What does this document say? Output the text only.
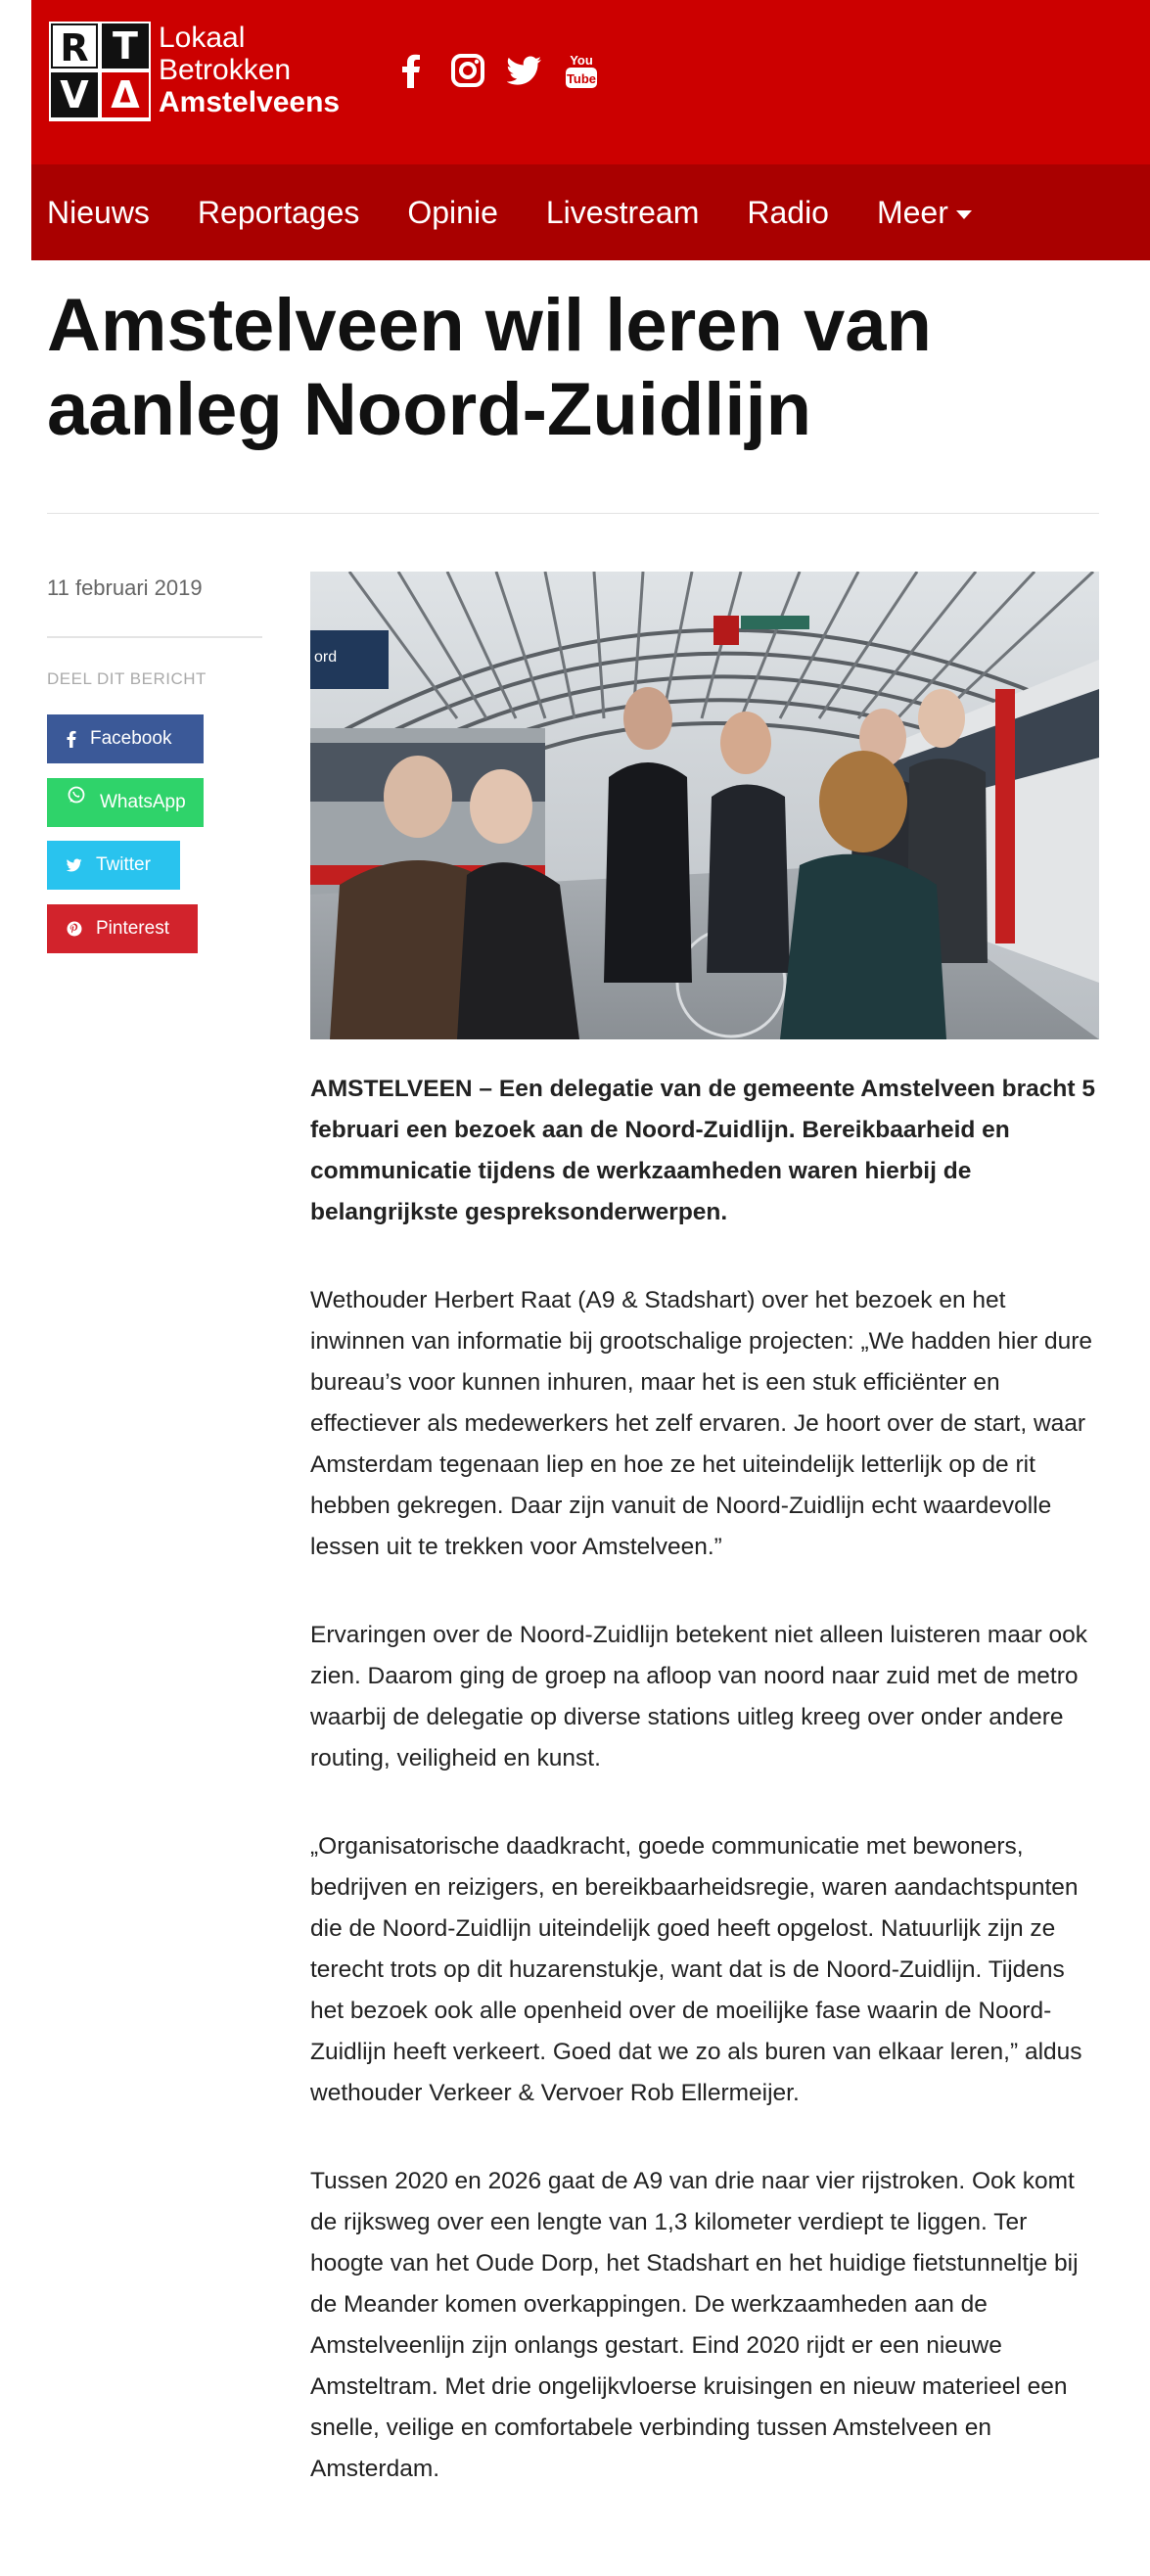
R T
V Δ
Lokaal
Betrokken
Amstelveens
You
Tube
Nieuws Reportages Opinie Livestream Radio Meer
Amstelveen wil leren van aanleg Noord-Zuidlijn
11 februari 2019
DEEL DIT BERICHT
Facebook
WhatsApp
Twitter
Pinterest
ord

AMSTELVEEN – Een delegatie van de gemeente Amstelveen bracht 5 februari een bezoek aan de Noord-Zuidlijn. Bereikbaarheid en communicatie tijdens de werkzaamheden waren hierbij de belangrijkste gespreksonderwerpen.

Wethouder Herbert Raat (A9 & Stadshart) over het bezoek en het inwinnen van informatie bij grootschalige projecten: „We hadden hier dure bureau’s voor kunnen inhuren, maar het is een stuk efficiënter en effectiever als medewerkers het zelf ervaren. Je hoort over de start, waar Amsterdam tegenaan liep en hoe ze het uiteindelijk letterlijk op de rit hebben gekregen. Daar zijn vanuit de Noord-Zuidlijn echt waardevolle lessen uit te trekken voor Amstelveen.”

Ervaringen over de Noord-Zuidlijn betekent niet alleen luisteren maar ook zien. Daarom ging de groep na afloop van noord naar zuid met de metro waarbij de delegatie op diverse stations uitleg kreeg over onder andere routing, veiligheid en kunst.

„Organisatorische daadkracht, goede communicatie met bewoners, bedrijven en reizigers, en bereikbaarheidsregie, waren aandachtspunten die de Noord-Zuidlijn uiteindelijk goed heeft opgelost. Natuurlijk zijn ze terecht trots op dit huzarenstukje, want dat is de Noord-Zuidlijn. Tijdens het bezoek ook alle openheid over de moeilijke fase waarin de Noord-Zuidlijn heeft verkeert. Goed dat we zo als buren van elkaar leren,” aldus wethouder Verkeer & Vervoer Rob Ellermeijer.

Tussen 2020 en 2026 gaat de A9 van drie naar vier rijstroken. Ook komt de rijksweg over een lengte van 1,3 kilometer verdiept te liggen. Ter hoogte van het Oude Dorp, het Stadshart en het huidige fietstunneltje bij de Meander komen overkappingen. De werkzaamheden aan de Amstelveenlijn zijn onlangs gestart. Eind 2020 rijdt er een nieuwe Amsteltram. Met drie ongelijkvloerse kruisingen en nieuw materieel een snelle, veilige en comfortabele verbinding tussen Amstelveen en Amsterdam.
